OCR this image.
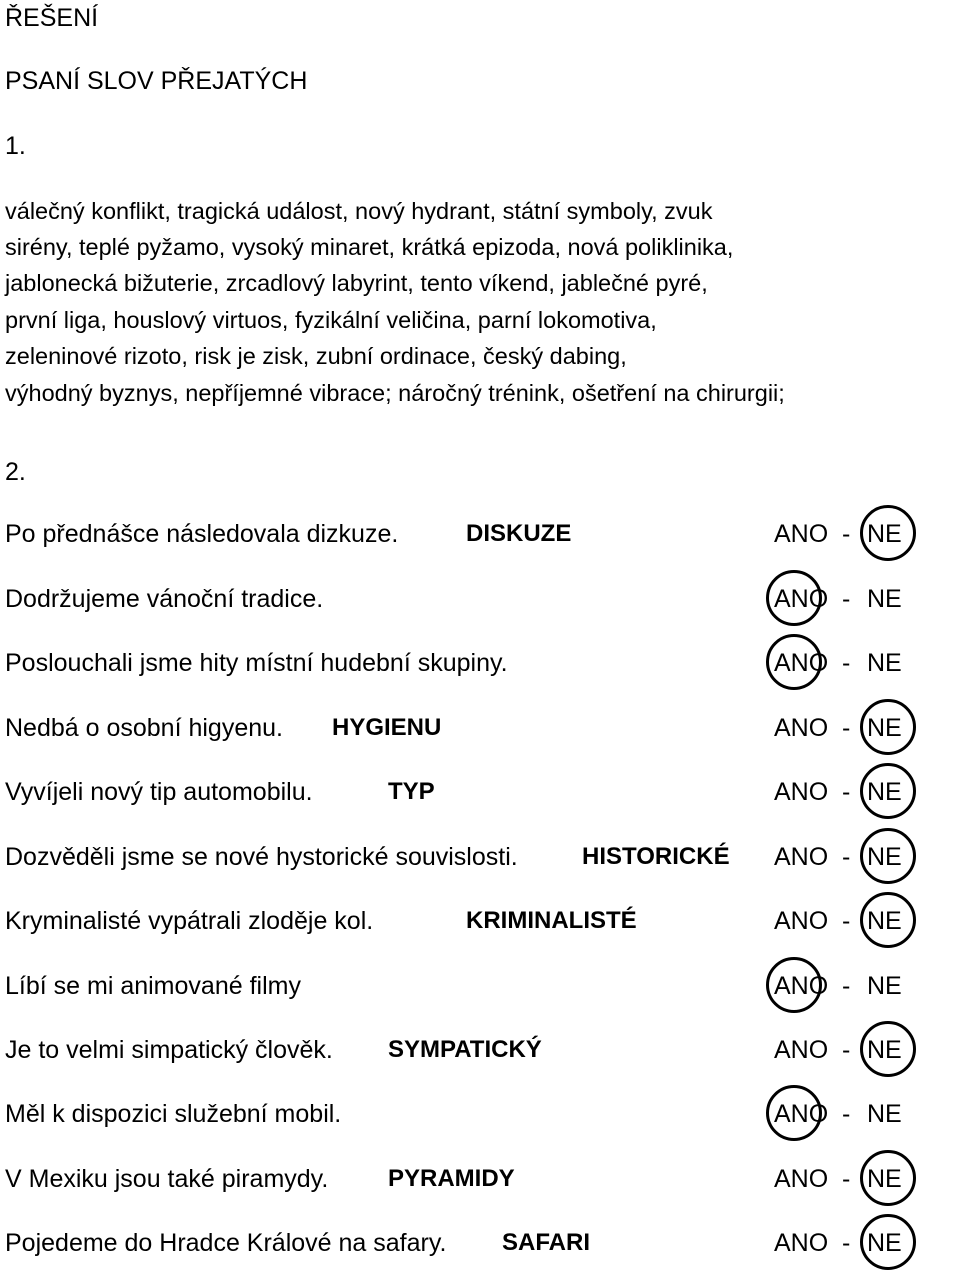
ŘEŠENÍ
PSANÍ SLOV PŘEJATÝCH
1.
válečný konflikt, tragická událost, nový hydrant, státní symboly, zvuk
sirény, teplé pyžamo, vysoký minaret, krátká epizoda, nová poliklinika,
jablonecká bižuterie, zrcadlový labyrint, tento víkend, jablečné pyré,
první liga, houslový virtuos, fyzikální veličina, parní lokomotiva,
zeleninové rizoto, risk je zisk, zubní ordinace, český dabing,
výhodný byznys, nepříjemné vibrace; náročný trénink, ošetření na chirurgii;
2.
Po přednášce následovala dizkuze.	DISKUZE	ANO - NE
Dodržujeme vánoční tradice.	ANO - NE
Poslouchali jsme hity místní hudební skupiny.	ANO - NE
Nedbá o osobní higyenu. HYGIENU	ANO - NE
Vyvíjeli nový tip automobilu.	TYP	ANO - NE
Dozvěděli jsme se nové hystorické souvislosti.	HISTORICKÉ ANO - NE
Kryminalisté vypátrali zloděje kol.	KRIMINALISTÉ	ANO - NE
Líbí se mi animované filmy	ANO - NE
Je to velmi simpatický člověk. SYMPATICKÝ	ANO - NE
Měl k dispozici služební mobil.	ANO - NE
V Mexiku jsou také piramydy. PYRAMIDY	ANO - NE
Pojedeme do Hradce Králové na safary. SAFARI	ANO - NE
